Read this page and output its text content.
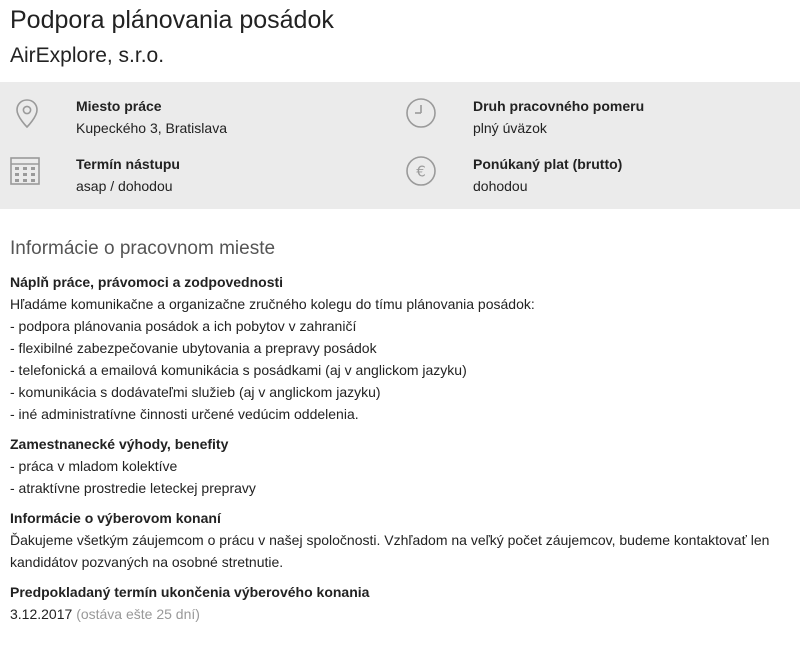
Podpora plánovania posádok
AirExplore, s.r.o.
Miesto práce
Kupeckého 3, Bratislava
Druh pracovného pomeru
plný úväzok
Termín nástupu
asap / dohodou
€	Ponúkaný plat (brutto)
dohodou
Informácie o pracovnom mieste
Náplň práce, právomoci a zodpovednosti
Hľadáme komunikačne a organizačne zručného kolegu do tímu plánovania posádok:
- podpora plánovania posádok a ich pobytov v zahraničí
- flexibilné zabezpečovanie ubytovania a prepravy posádok
- telefonická a emailová komunikácia s posádkami (aj v anglickom jazyku)
- komunikácia s dodávateľmi služieb (aj v anglickom jazyku)
- iné administratívne činnosti určené vedúcim oddelenia.
Zamestnanecké výhody, benefity
- práca v mladom kolektíve
- atraktívne prostredie leteckej prepravy
Informácie o výberovom konaní
Ďakujeme všetkým záujemcom o prácu v našej spoločnosti. Vzhľadom na veľký počet záujemcov, budeme kontaktovať len kandidátov pozvaných na osobné stretnutie.
Predpokladaný termín ukončenia výberového konania
3.12.2017 (ostáva ešte 25 dní)
